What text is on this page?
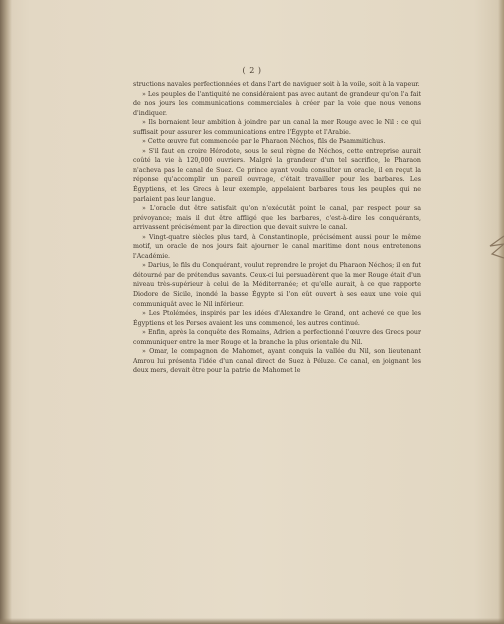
( 2 )

structions navales perfectionnées et dans l'art de naviguer soit à la voile, soit à la vapeur.

» Les peuples de l'antiquité ne considéraient pas avec autant de grandeur qu'on l'a fait de nos jours les communications commerciales à créer par la voie que nous venons d'indiquer.

» Ils bornaient leur ambition à joindre par un canal la mer Rouge avec le Nil : ce qui suffisait pour assurer les communications entre l'Égypte et l'Arabie.

» Cette œuvre fut commencée par le Pharaon Néchos, fils de Psammitichus.

» S'il faut en croire Hérodote, sous le seul règne de Néchos, cette entreprise aurait coûté la vie à 120,000 ouvriers. Malgré la grandeur d'un tel sacrifice, le Pharaon n'acheva pas le canal de Suez. Ce prince ayant voulu consulter un oracle, il en reçut la réponse qu'accomplir un pareil ouvrage, c'était travailler pour les barbares. Les Égyptiens, et les Grecs à leur exemple, appelaient barbares tous les peuples qui ne parlaient pas leur langue.

» L'oracle dut être satisfait qu'on n'exécutât point le canal, par respect pour sa prévoyance; mais il dut être affligé que les barbares, c'est-à-dire les conquérants, arrivassent précisément par la direction que devait suivre le canal.

» Vingt-quatre siècles plus tard, à Constantinople, précisément aussi pour le même motif, un oracle de nos jours fait ajourner le canal maritime dont nous entretenons l'Académie.

» Darius, le fils du Conquérant, voulut reprendre le projet du Pharaon Néchos; il en fut détourné par de prétendus savants. Ceux-ci lui persuadèrent que la mer Rouge était d'un niveau très-supérieur à celui de la Méditerranée; et qu'elle aurait, à ce que rapporte Diodore de Sicile, inondé la basse Égypte si l'on eût ouvert à ses eaux une voie qui communiquât avec le Nil inférieur.

» Les Ptolémées, inspirés par les idées d'Alexandre le Grand, ont achevé ce que les Égyptiens et les Perses avaient les uns commencé, les autres continué.

» Enfin, après la conquête des Romains, Adrien a perfectionné l'œuvre des Grecs pour communiquer entre la mer Rouge et la branche la plus orientale du Nil.

» Omar, le compagnon de Mahomet, ayant conquis la vallée du Nil, son lieutenant Amrou lui présenta l'idée d'un canal direct de Suez à Péluze. Ce canal, en joignant les deux mers, devait être pour la patrie de Mahomet le
